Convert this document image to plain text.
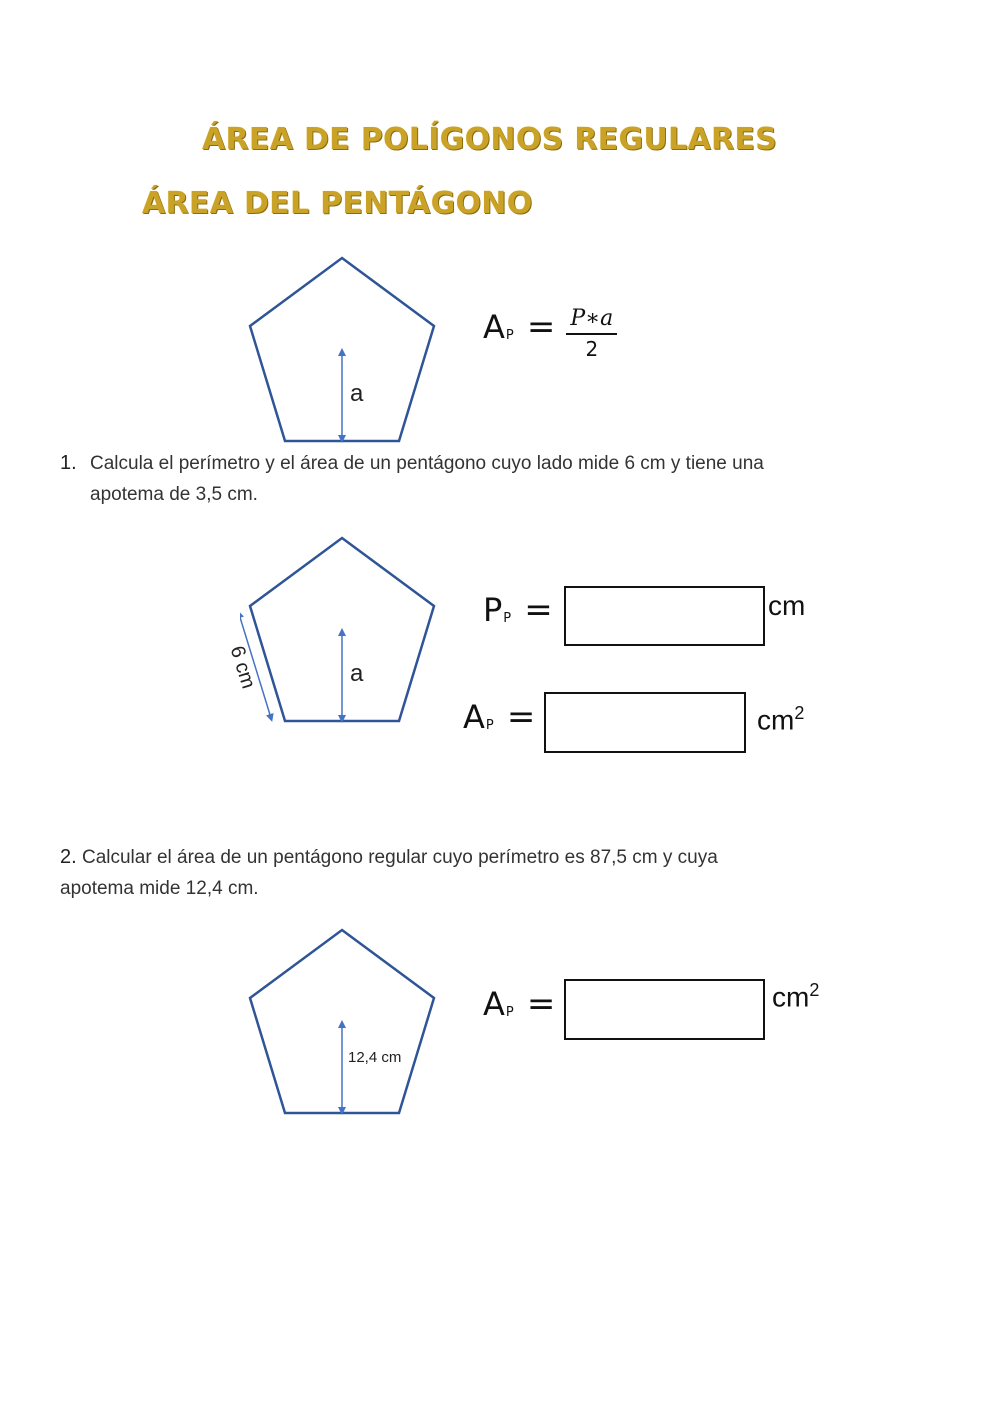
ÁREA DE POLÍGONOS REGULARES
ÁREA DEL PENTÁGONO
a
AP = $\frac{P∗a}{2}$
1. Calcula el perímetro y el área de un pentágono cuyo lado mide 6 cm y tiene una
apotema de 3,5 cm.
a
6 cm
PP =	cm
AP =	$cm^2$
2. Calcular el área de un pentágono regular cuyo perímetro es 87,5 cm y cuya
apotema mide 12,4 cm.
12,4 cm
AP =	$cm^2$
